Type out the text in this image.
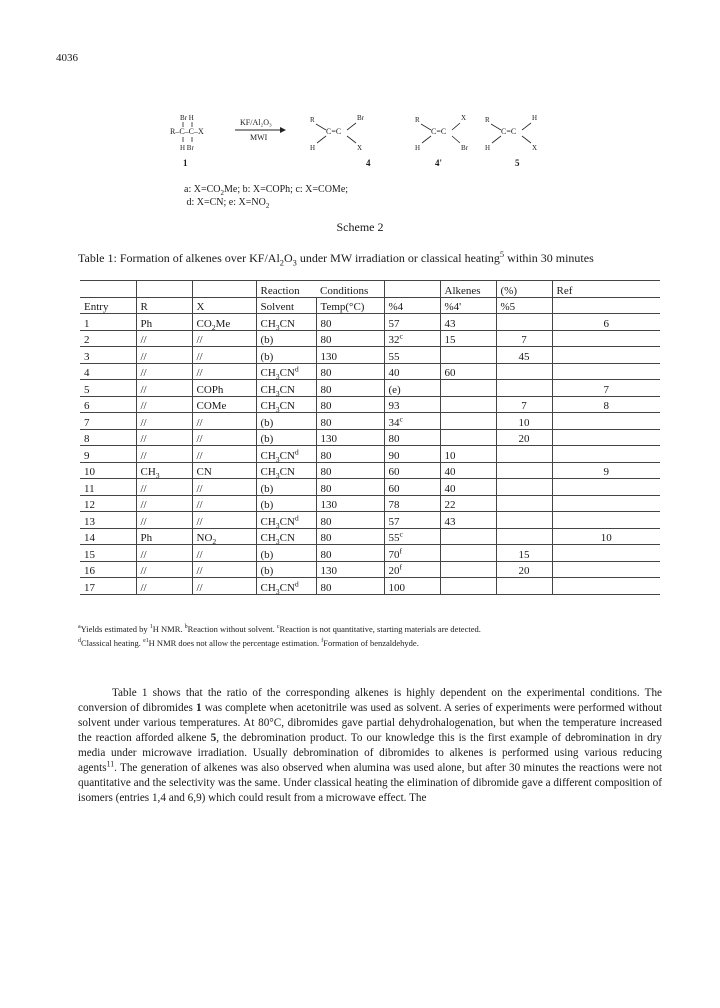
4036
Br H
R–C–C–X
H Br
1
KF/Al₂O₃
MWI
R	Br
C=C
H	X
4
R	X
C=C
H	Br
4'
R	H
C=C
H	X
5
a: $X=CO_2Me$; b: X=COPh; c: X=COMe;
d: X=CN; e: $X=NO_2$
Scheme 2
Table 1: Formation of alkenes over $KF/Al_2O_3$ under MW irradiation or classical heating$^5$ within 30 minutes
			Reaction	Conditions		Alkenes	(%)	Ref
Entry	R	X	Solvent	Temp(°C)	%4	%4'	%5	
1	Ph	$CO_2Me$	$CH_3CN$	80	57	43		6
2	//	//	(b)	80	32$^c$	15	7	
3	//	//	(b)	130	55		45	
4	//	//	$CH_3CN^d$	80	40	60		
5	//	COPh	$CH_3CN$	80	(e)			7
6	//	COMe	$CH_3CN$	80	93		7	8
7	//	//	(b)	80	34$^c$		10	
8	//	//	(b)	130	80		20	
9	//	//	$CH_3CN^d$	80	90	10		
10	$CH_3$	CN	$CH_3CN$	80	60	40		9
11	//	//	(b)	80	60	40		
12	//	//	(b)	130	78	22		
13	//	//	$CH_3CN^d$	80	57	43		
14	Ph	$NO_2$	$CH_3CN$	80	55$^c$			10
15	//	//	(b)	80	70$^f$		15	
16	//	//	(b)	130	20$^f$		20	
17	//	//	$CH_3CN^d$	80	100			
$^a$Yields estimated by $^1$H NMR. $^b$Reaction without solvent. $^c$Reaction is not quantitative, starting materials are detected.
$^d$Classical heating. $^{e1}$H NMR does not allow the percentage estimation. $^f$Formation of benzaldehyde.

Table 1 shows that the ratio of the corresponding alkenes is highly dependent on the experimental conditions. The conversion of dibromides 1 was complete when acetonitrile was used as solvent. A series of experiments were performed without solvent under various temperatures. At 80°C, dibromides gave partial dehydrohalogenation, but when the temperature increased the reaction afforded alkene 5, the debromination product. To our knowledge this is the first example of debromination in dry media under microwave irradiation. Usually debromination of dibromides to alkenes is performed using various reducing agents$^{11}$. The generation of alkenes was also observed when alumina was used alone, but after 30 minutes the reactions were not quantitative and the selectivity was the same. Under classical heating the elimination of dibromide gave a different composition of isomers (entries 1,4 and 6,9) which could result from a microwave effect. The
